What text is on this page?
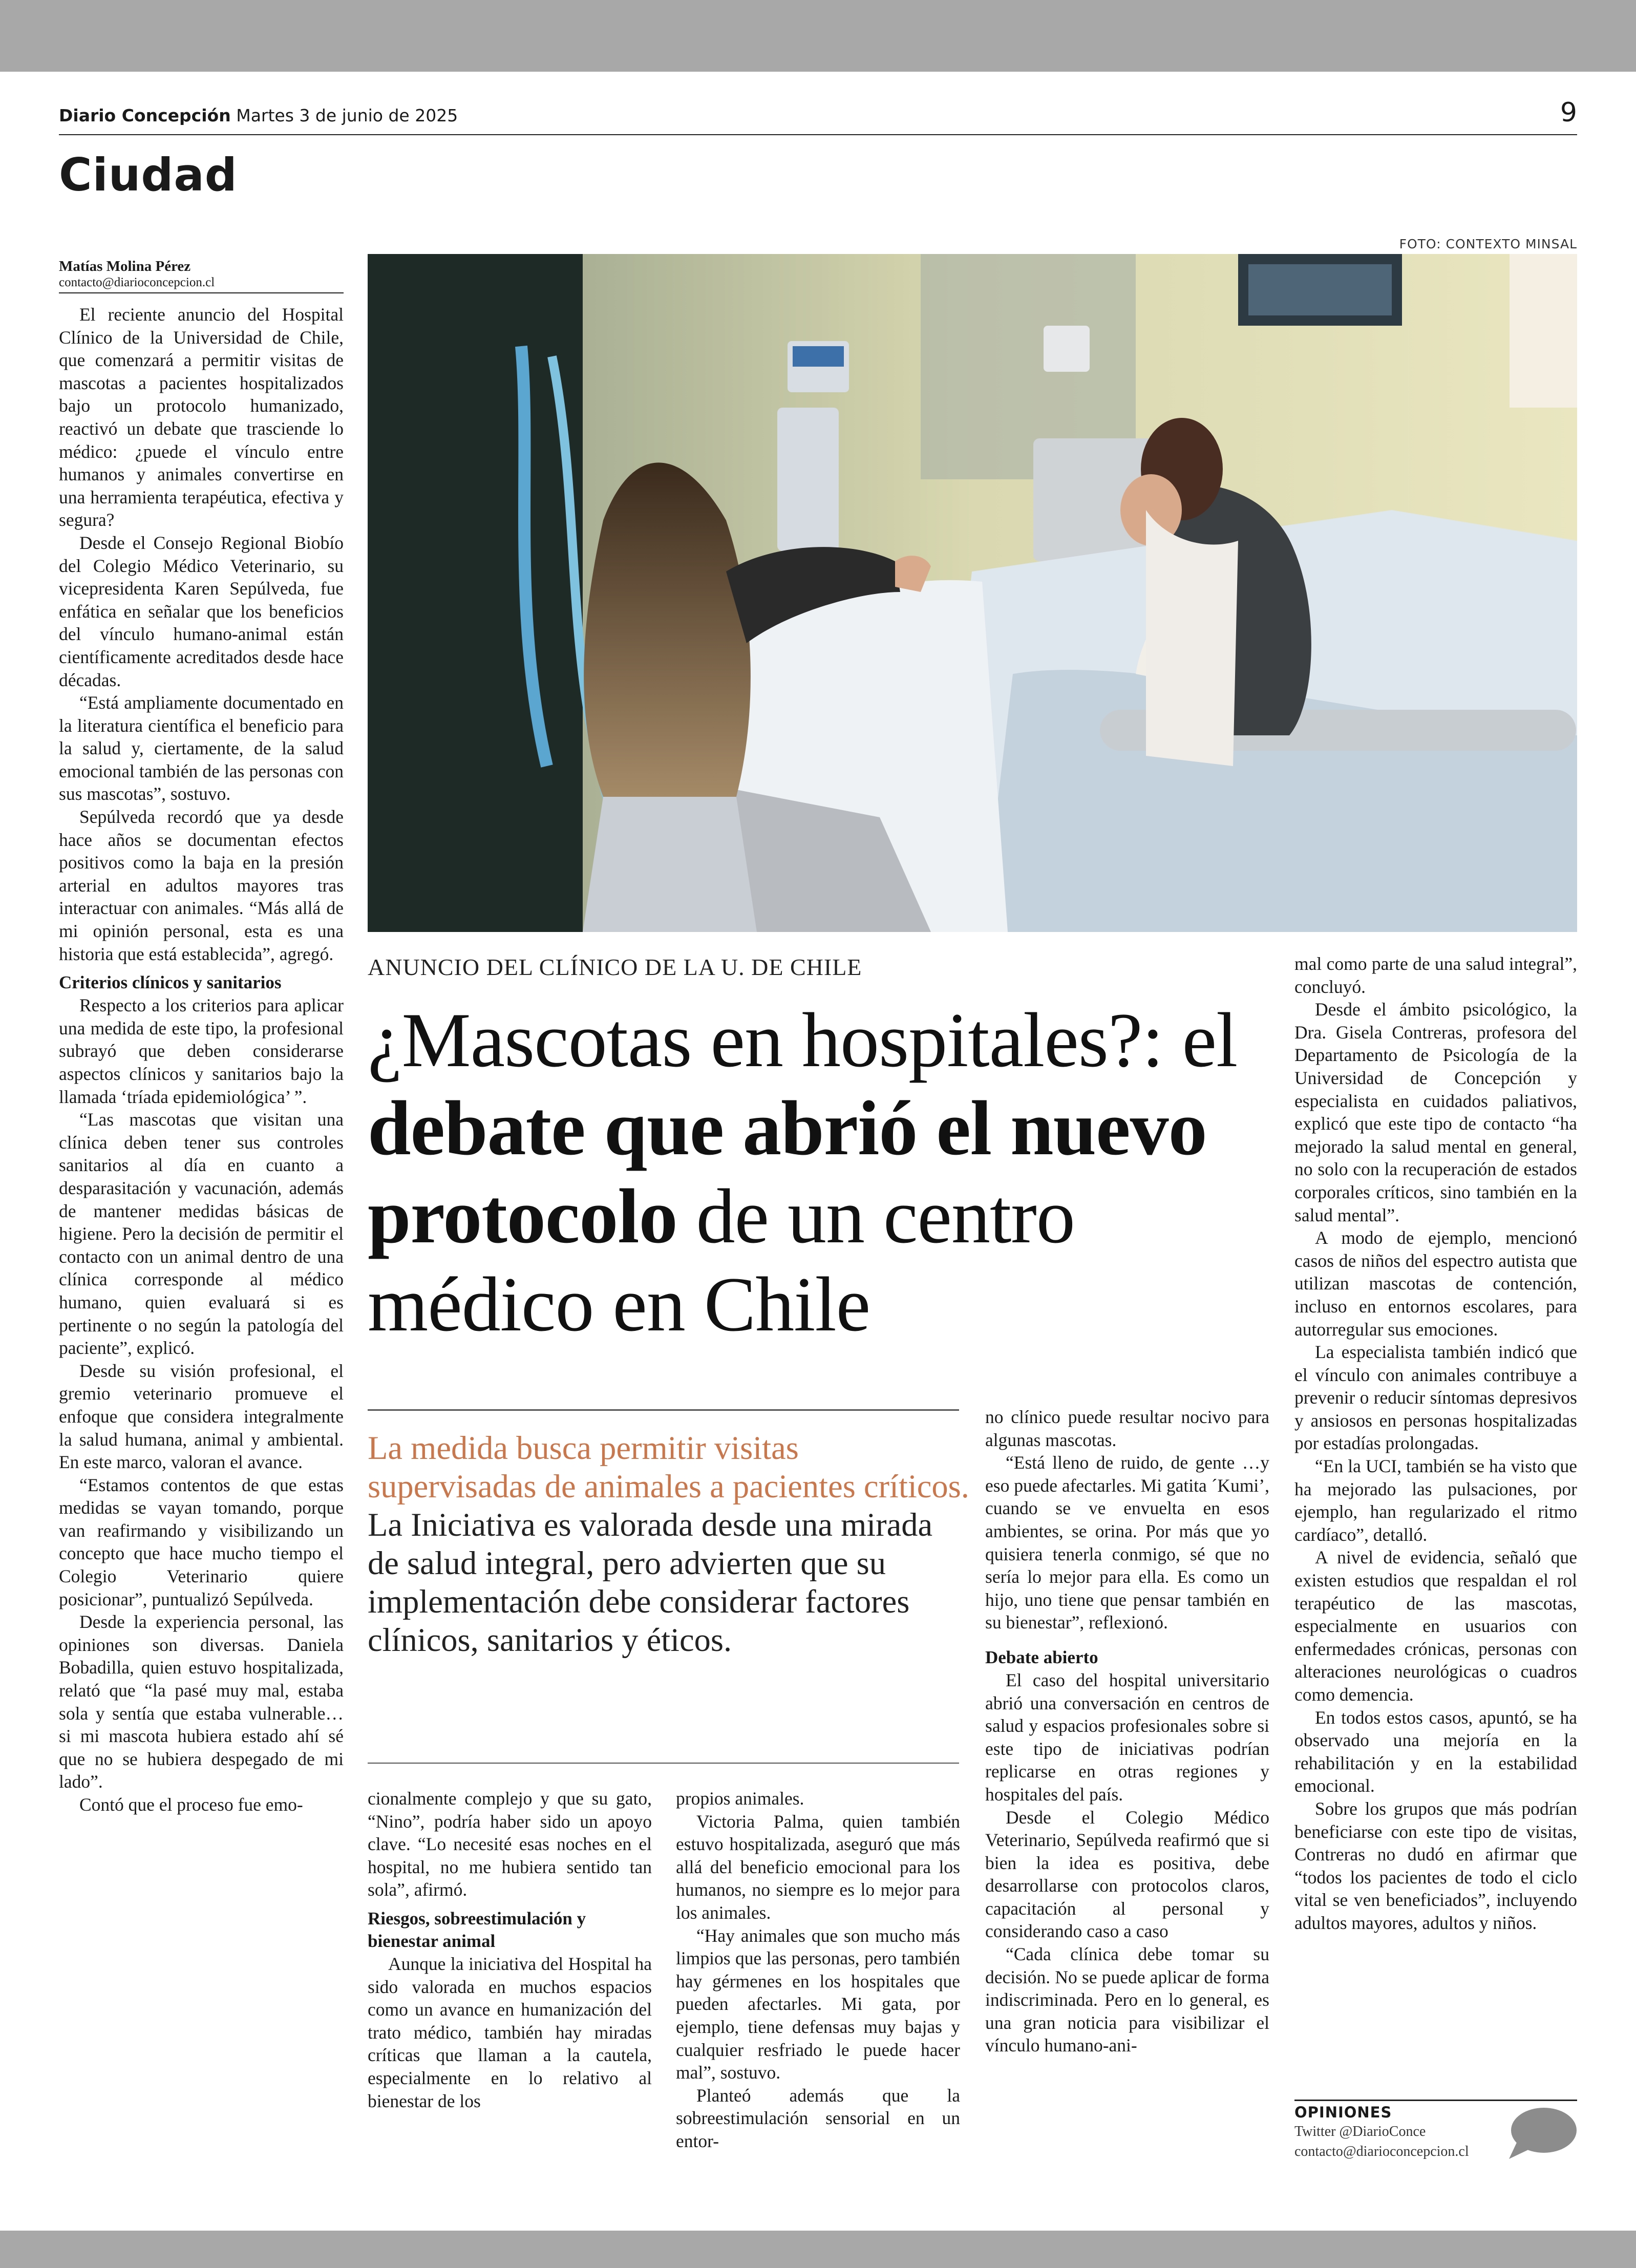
Diario Concepción Martes 3 de junio de 2025	9
Ciudad
FOTO: CONTEXTO MINSAL
Matías Molina Pérez
contacto@diarioconcepcion.cl

El reciente anuncio del Hospital Clínico de la Universidad de Chile, que comenzará a permitir visitas de mascotas a pacientes hospitalizados bajo un protocolo humanizado, reactivó un debate que trasciende lo médico: ¿puede el vínculo entre humanos y animales convertirse en una herramienta terapéutica, efectiva y segura?

Desde el Consejo Regional Biobío del Colegio Médico Veterinario, su vicepresidenta Karen Sepúlveda, fue enfática en señalar que los beneficios del vínculo humano-animal están científicamente acreditados desde hace décadas.

“Está ampliamente documentado en la literatura científica el beneficio para la salud y, ciertamente, de la salud emocional también de las personas con sus mascotas”, sostuvo.

Sepúlveda recordó que ya desde hace años se documentan efectos positivos como la baja en la presión arterial en adultos mayores tras interactuar con animales. “Más allá de mi opinión personal, esta es una historia que está establecida”, agregó.

Criterios clínicos y sanitarios

Respecto a los criterios para aplicar una medida de este tipo, la profesional subrayó que deben considerarse aspectos clínicos y sanitarios bajo la llamada ‘tríada epidemiológica’ ”.

“Las mascotas que visitan una clínica deben tener sus controles sanitarios al día en cuanto a desparasitación y vacunación, además de mantener medidas básicas de higiene. Pero la decisión de permitir el contacto con un animal dentro de una clínica corresponde al médico humano, quien evaluará si es pertinente o no según la patología del paciente”, explicó.

Desde su visión profesional, el gremio veterinario promueve el enfoque que considera integralmente la salud humana, animal y ambiental. En este marco, valoran el avance.

“Estamos contentos de que estas medidas se vayan tomando, porque van reafirmando y visibilizando un concepto que hace mucho tiempo el Colegio Veterinario quiere posicionar”, puntualizó Sepúlveda.

Desde la experiencia personal, las opiniones son diversas. Daniela Bobadilla, quien estuvo hospitalizada, relató que “la pasé muy mal, estaba sola y sentía que estaba vulnerable… si mi mascota hubiera estado ahí sé que no se hubiera despegado de mi lado”.

Contó que el proceso fue emo-

ANUNCIO DEL CLÍNICO DE LA U. DE CHILE
¿Mascotas en hospitales?: el debate que abrió el nuevo protocolo de un centro médico en Chile
La medida busca permitir visitas supervisadas de animales a pacientes críticos. La Iniciativa es valorada desde una mirada de salud integral, pero advierten que su implementación debe considerar factores clínicos, sanitarios y éticos.

cionalmente complejo y que su gato, “Nino”, podría haber sido un apoyo clave. “Lo necesité esas noches en el hospital, no me hubiera sentido tan sola”, afirmó.

Riesgos, sobreestimulación y bienestar animal

Aunque la iniciativa del Hospital ha sido valorada en muchos espacios como un avance en humanización del trato médico, también hay miradas críticas que llaman a la cautela, especialmente en lo relativo al bienestar de los

propios animales.

Victoria Palma, quien también estuvo hospitalizada, aseguró que más allá del beneficio emocional para los humanos, no siempre es lo mejor para los animales.

“Hay animales que son mucho más limpios que las personas, pero también hay gérmenes en los hospitales que pueden afectarles. Mi gata, por ejemplo, tiene defensas muy bajas y cualquier resfriado le puede hacer mal”, sostuvo.

Planteó además que la sobreestimulación sensorial en un entor-

no clínico puede resultar nocivo para algunas mascotas.

“Está lleno de ruido, de gente …y eso puede afectarles. Mi gatita ´Kumi’, cuando se ve envuelta en esos ambientes, se orina. Por más que yo quisiera tenerla conmigo, sé que no sería lo mejor para ella. Es como un hijo, uno tiene que pensar también en su bienestar”, reflexionó.

Debate abierto

El caso del hospital universitario abrió una conversación en centros de salud y espacios profesionales sobre si este tipo de iniciativas podrían replicarse en otras regiones y hospitales del país.

Desde el Colegio Médico Veterinario, Sepúlveda reafirmó que si bien la idea es positiva, debe desarrollarse con protocolos claros, capacitación al personal y considerando caso a caso

“Cada clínica debe tomar su decisión. No se puede aplicar de forma indiscriminada. Pero en lo general, es una gran noticia para visibilizar el vínculo humano-ani-

mal como parte de una salud integral”, concluyó.

Desde el ámbito psicológico, la Dra. Gisela Contreras, profesora del Departamento de Psicología de la Universidad de Concepción y especialista en cuidados paliativos, explicó que este tipo de contacto “ha mejorado la salud mental en general, no solo con la recuperación de estados corporales críticos, sino también en la salud mental”.

A modo de ejemplo, mencionó casos de niños del espectro autista que utilizan mascotas de contención, incluso en entornos escolares, para autorregular sus emociones.

La especialista también indicó que el vínculo con animales contribuye a prevenir o reducir síntomas depresivos y ansiosos en personas hospitalizadas por estadías prolongadas.

“En la UCI, también se ha visto que ha mejorado las pulsaciones, por ejemplo, han regularizado el ritmo cardíaco”, detalló.

A nivel de evidencia, señaló que existen estudios que respaldan el rol terapéutico de las mascotas, especialmente en usuarios con enfermedades crónicas, personas con alteraciones neurológicas o cuadros como demencia.

En todos estos casos, apuntó, se ha observado una mejoría en la rehabilitación y en la estabilidad emocional.

Sobre los grupos que más podrían beneficiarse con este tipo de visitas, Contreras no dudó en afirmar que “todos los pacientes de todo el ciclo vital se ven beneficiados”, incluyendo adultos mayores, adultos y niños.

OPINIONES
Twitter @DiarioConce
contacto@diarioconcepcion.cl
